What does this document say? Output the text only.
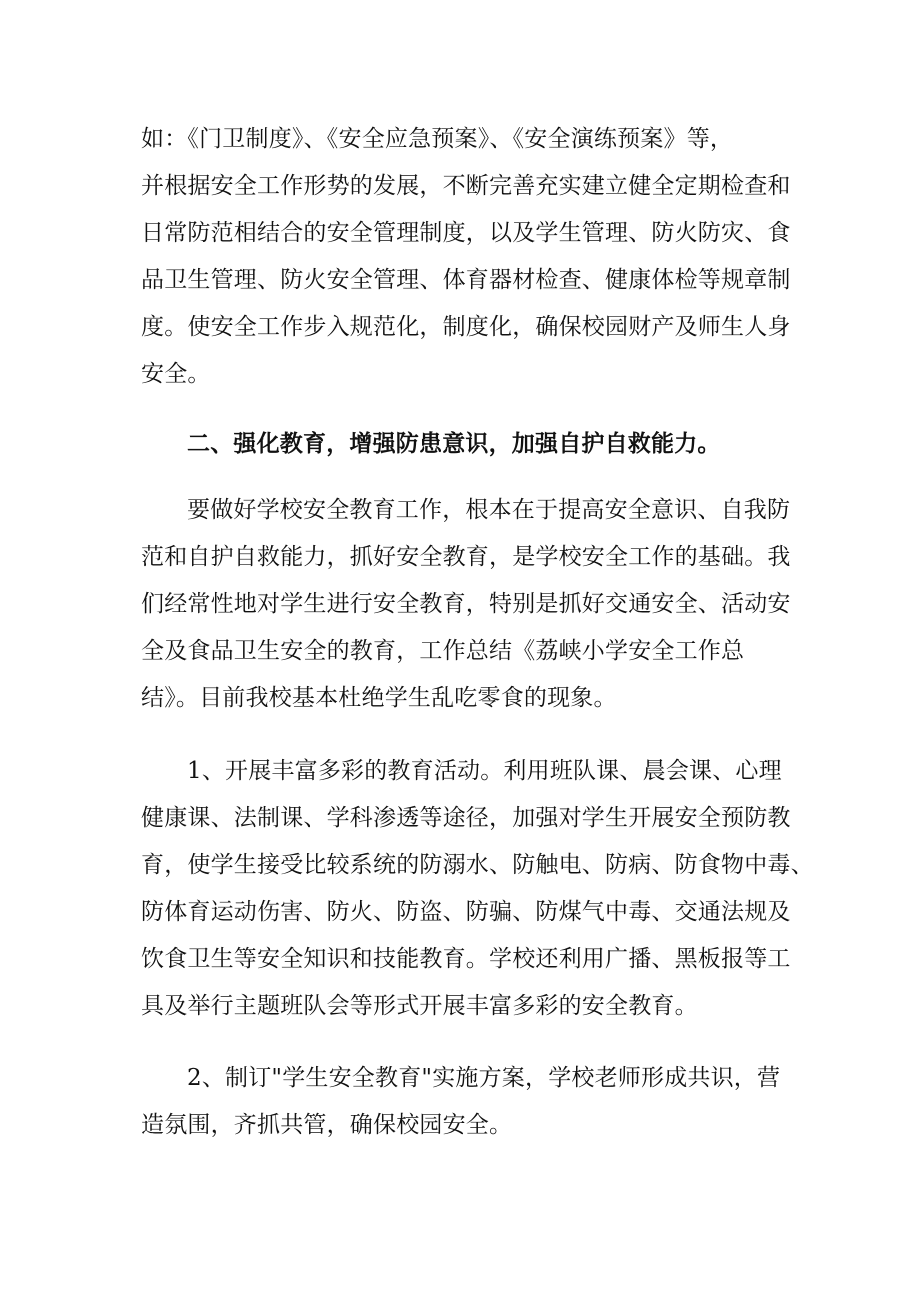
如：《门卫制度》、《安全应急预案》、《安全演练预案》等，
并根据安全工作形势的发展，不断完善充实建立健全定期检查和
日常防范相结合的安全管理制度，以及学生管理、防火防灾、食
品卫生管理、防火安全管理、体育器材检查、健康体检等规章制
度。使安全工作步入规范化，制度化，确保校园财产及师生人身
安全。
二、强化教育，增强防患意识，加强自护自救能力。
要做好学校安全教育工作，根本在于提高安全意识、自我防
范和自护自救能力，抓好安全教育，是学校安全工作的基础。我
们经常性地对学生进行安全教育，特别是抓好交通安全、活动安
全及食品卫生安全的教育，工作总结《荔峡小学安全工作总
结》。目前我校基本杜绝学生乱吃零食的现象。
1、开展丰富多彩的教育活动。利用班队课、晨会课、心理
健康课、法制课、学科渗透等途径，加强对学生开展安全预防教
育，使学生接受比较系统的防溺水、防触电、防病、防食物中毒、
防体育运动伤害、防火、防盗、防骗、防煤气中毒、交通法规及
饮食卫生等安全知识和技能教育。学校还利用广播、黑板报等工
具及举行主题班队会等形式开展丰富多彩的安全教育。
2、制订"学生安全教育"实施方案，学校老师形成共识，营
造氛围，齐抓共管，确保校园安全。
